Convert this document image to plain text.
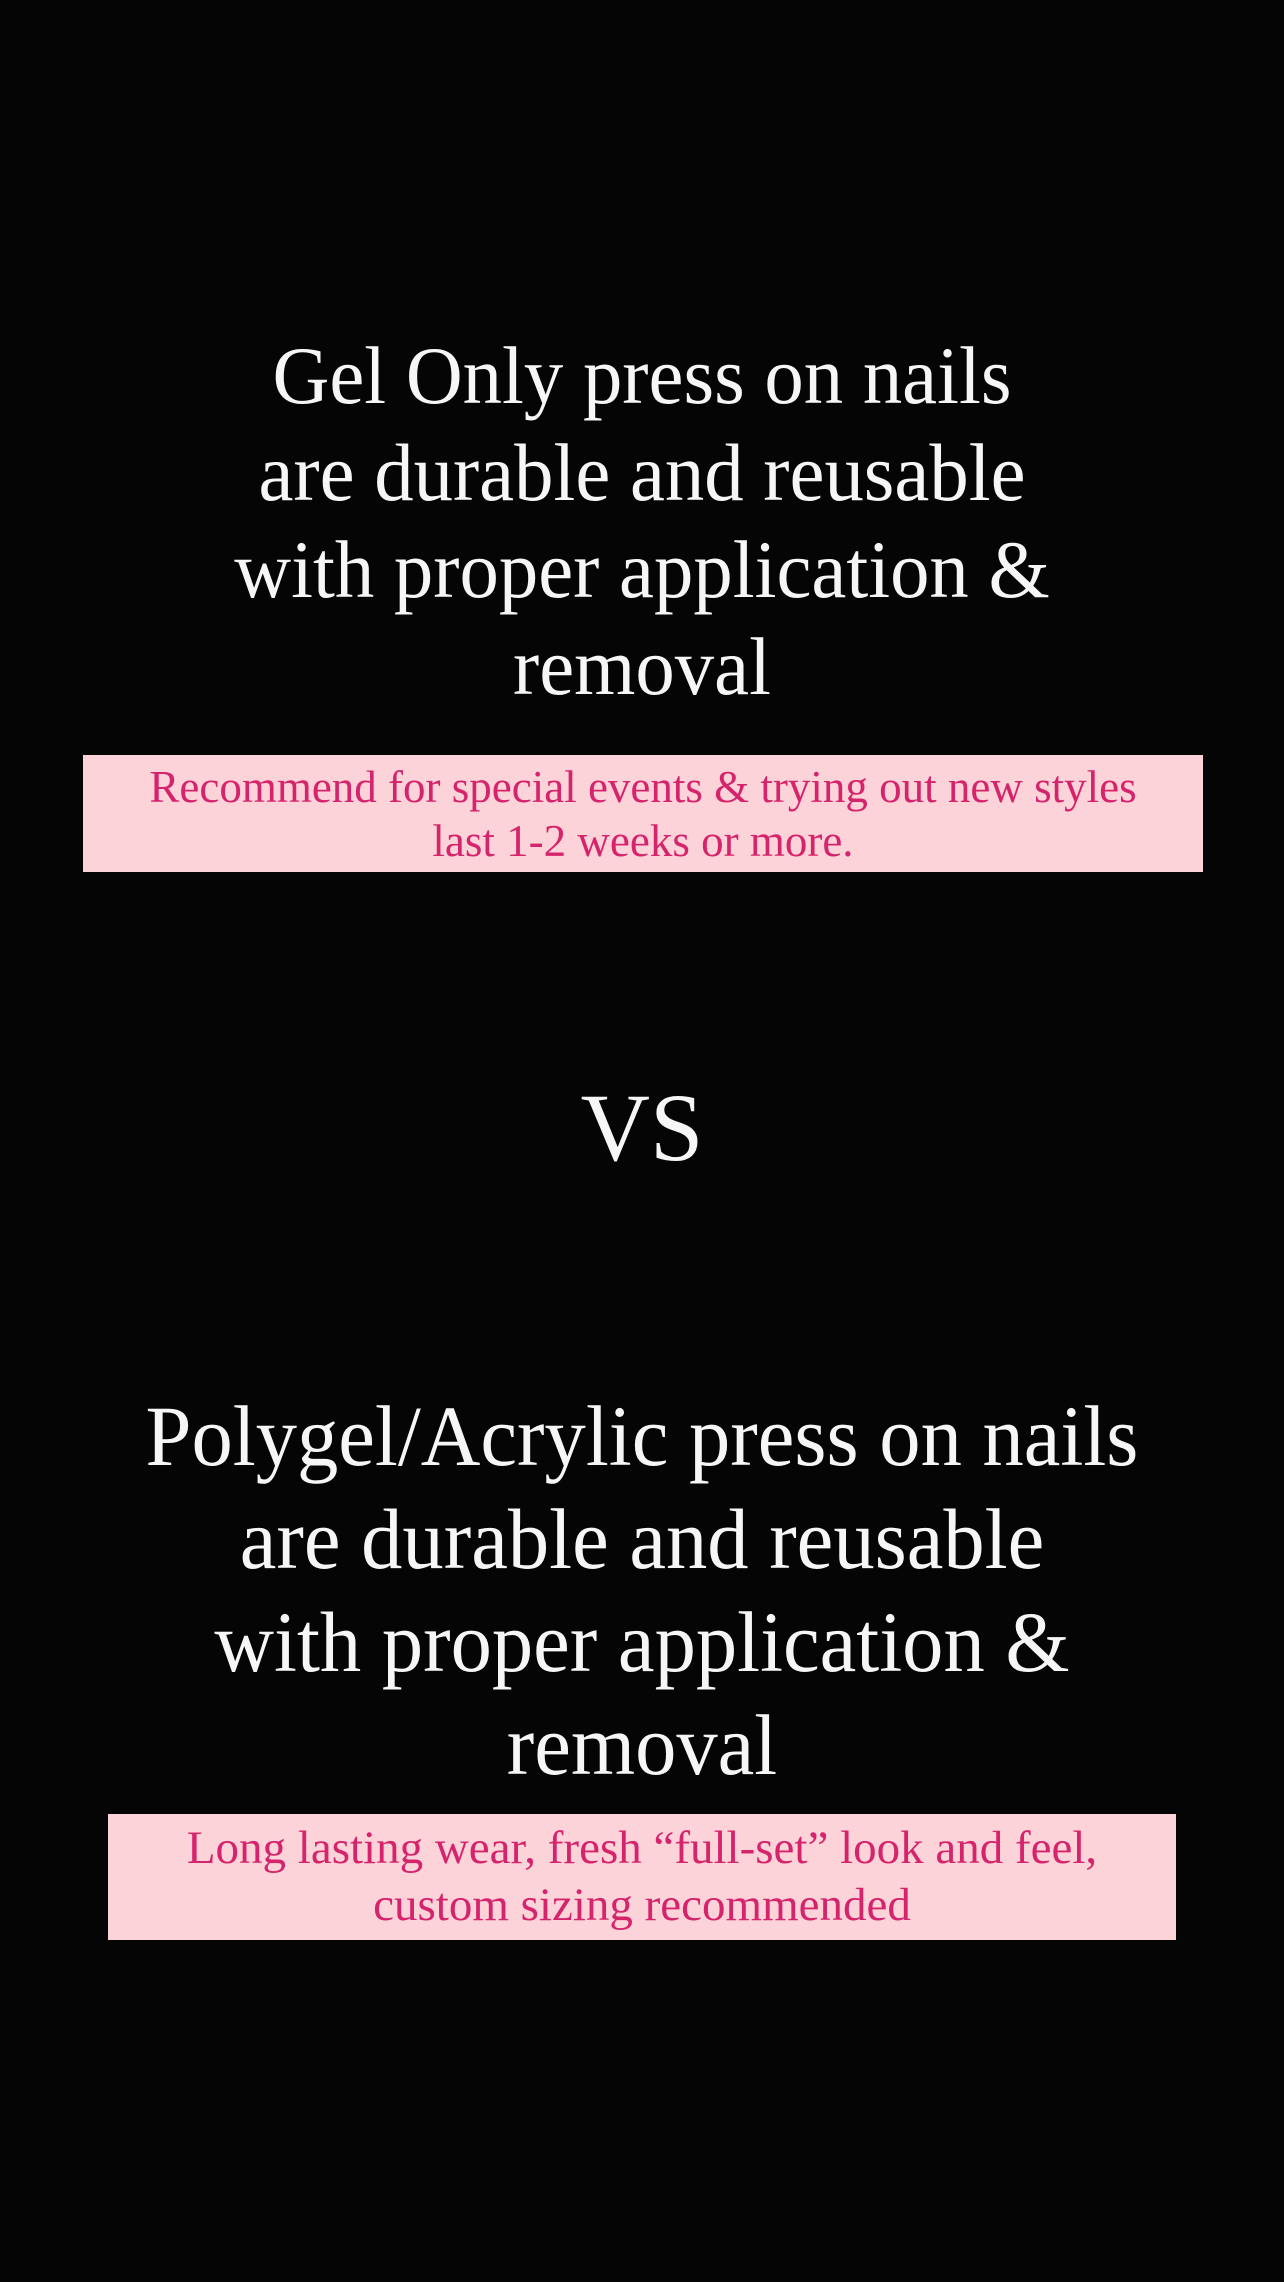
Gel Only press on nails
are durable and reusable
with proper application &
removal
Recommend for special events & trying out new styles
last 1-2 weeks or more.
VS
Polygel/Acrylic press on nails
are durable and reusable
with proper application &
removal
Long lasting wear, fresh “full-set” look and feel,
custom sizing recommended
